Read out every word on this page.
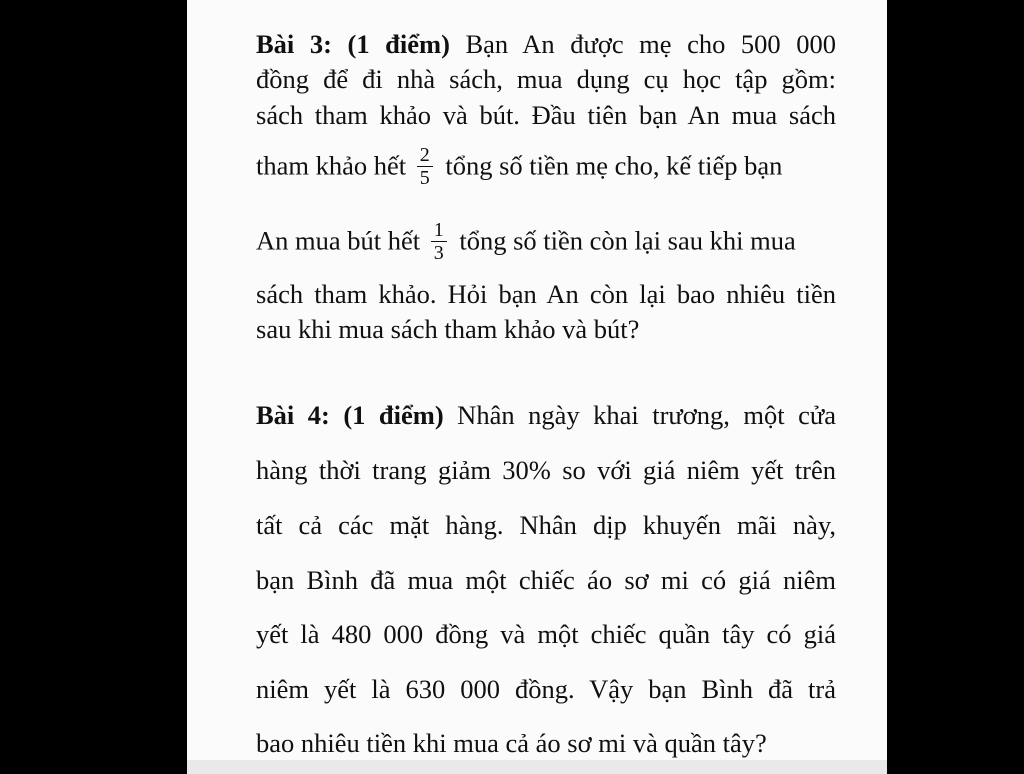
Bài 3: (1 điểm) Bạn An được mẹ cho 500 000
đồng để đi nhà sách, mua dụng cụ học tập gồm:
sách tham khảo và bút. Đầu tiên bạn An mua sách
tham khảo hết $\frac{2}{5}$ tổng số tiền mẹ cho, kế tiếp bạn
An mua bút hết $\frac{1}{3}$ tổng số tiền còn lại sau khi mua
sách tham khảo. Hỏi bạn An còn lại bao nhiêu tiền
sau khi mua sách tham khảo và bút?
Bài 4: (1 điểm) Nhân ngày khai trương, một cửa
hàng thời trang giảm 30% so với giá niêm yết trên
tất cả các mặt hàng. Nhân dịp khuyến mãi này,
bạn Bình đã mua một chiếc áo sơ mi có giá niêm
yết là 480 000 đồng và một chiếc quần tây có giá
niêm yết là 630 000 đồng. Vậy bạn Bình đã trả
bao nhiêu tiền khi mua cả áo sơ mi và quần tây?
